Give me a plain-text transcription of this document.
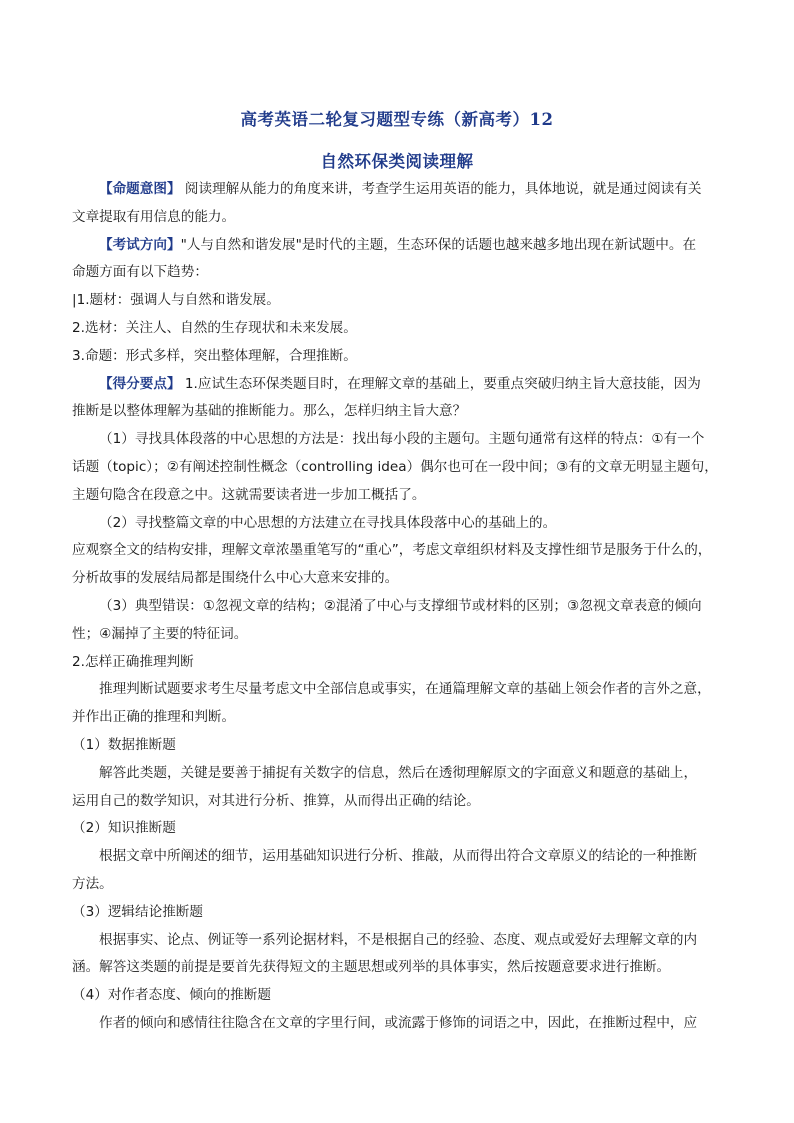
高考英语二轮复习题型专练（新高考）12
自然环保类阅读理解

【命题意图】 阅读理解从能力的角度来讲，考查学生运用英语的能力，具体地说，就是通过阅读有关

文章提取有用信息的能力。

【考试方向】"人与自然和谐发展"是时代的主题，生态环保的话题也越来越多地出现在新试题中。在

命题方面有以下趋势：

|1.题材：强调人与自然和谐发展。

2.选材：关注人、自然的生存现状和未来发展。

3.命题：形式多样，突出整体理解，合理推断。

【得分要点】 1.应试生态环保类题目时，在理解文章的基础上，要重点突破归纳主旨大意技能，因为

推断是以整体理解为基础的推断能力。那么，怎样归纳主旨大意？

（1）寻找具体段落的中心思想的方法是：找出每小段的主题句。主题句通常有这样的特点：①有一个

话题（topic）；②有阐述控制性概念（controlling idea）偶尔也可在一段中间；③有的文章无明显主题句，

主题句隐含在段意之中。这就需要读者进一步加工概括了。

（2）寻找整篇文章的中心思想的方法建立在寻找具体段落中心的基础上的。

应观察全文的结构安排，理解文章浓墨重笔写的“重心”，考虑文章组织材料及支撑性细节是服务于什么的，

分析故事的发展结局都是围绕什么中心大意来安排的。

（3）典型错误：①忽视文章的结构；②混淆了中心与支撑细节或材料的区别；③忽视文章表意的倾向

性；④漏掉了主要的特征词。

2.怎样正确推理判断

推理判断试题要求考生尽量考虑文中全部信息或事实，在通篇理解文章的基础上领会作者的言外之意，

并作出正确的推理和判断。

（1）数据推断题

解答此类题，关键是要善于捕捉有关数字的信息，然后在透彻理解原文的字面意义和题意的基础上，

运用自己的数学知识，对其进行分析、推算，从而得出正确的结论。

（2）知识推断题

根据文章中所阐述的细节，运用基础知识进行分析、推敲，从而得出符合文章原义的结论的一种推断

方法。

（3）逻辑结论推断题

根据事实、论点、例证等一系列论据材料，不是根据自己的经验、态度、观点或爱好去理解文章的内

涵。解答这类题的前提是要首先获得短文的主题思想或列举的具体事实，然后按题意要求进行推断。

（4）对作者态度、倾向的推断题

作者的倾向和感情往往隐含在文章的字里行间，或流露于修饰的词语之中，因此，在推断过程中，应
